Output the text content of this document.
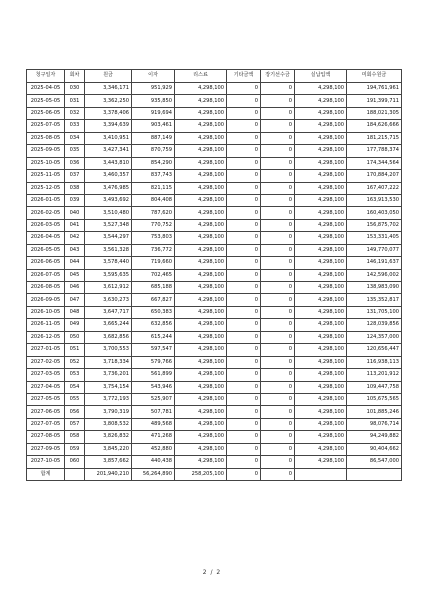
청구일자	회차	원금	이자	리스료	기타금액	장기선수금	실납입액	미회수원금
2025-04-05	030	3,346,171	951,929	4,298,100	0	0	4,298,100	194,761,961
2025-05-05	031	3,362,250	935,850	4,298,100	0	0	4,298,100	191,399,711
2025-06-05	032	3,378,406	919,694	4,298,100	0	0	4,298,100	188,021,305
2025-07-05	033	3,394,639	903,461	4,298,100	0	0	4,298,100	184,626,666
2025-08-05	034	3,410,951	887,149	4,298,100	0	0	4,298,100	181,215,715
2025-09-05	035	3,427,341	870,759	4,298,100	0	0	4,298,100	177,788,374
2025-10-05	036	3,443,810	854,290	4,298,100	0	0	4,298,100	174,344,564
2025-11-05	037	3,460,357	837,743	4,298,100	0	0	4,298,100	170,884,207
2025-12-05	038	3,476,985	821,115	4,298,100	0	0	4,298,100	167,407,222
2026-01-05	039	3,493,692	804,408	4,298,100	0	0	4,298,100	163,913,530
2026-02-05	040	3,510,480	787,620	4,298,100	0	0	4,298,100	160,403,050
2026-03-05	041	3,527,348	770,752	4,298,100	0	0	4,298,100	156,875,702
2026-04-05	042	3,544,297	753,803	4,298,100	0	0	4,298,100	153,331,405
2026-05-05	043	3,561,328	736,772	4,298,100	0	0	4,298,100	149,770,077
2026-06-05	044	3,578,440	719,660	4,298,100	0	0	4,298,100	146,191,637
2026-07-05	045	3,595,635	702,465	4,298,100	0	0	4,298,100	142,596,002
2026-08-05	046	3,612,912	685,188	4,298,100	0	0	4,298,100	138,983,090
2026-09-05	047	3,630,273	667,827	4,298,100	0	0	4,298,100	135,352,817
2026-10-05	048	3,647,717	650,383	4,298,100	0	0	4,298,100	131,705,100
2026-11-05	049	3,665,244	632,856	4,298,100	0	0	4,298,100	128,039,856
2026-12-05	050	3,682,856	615,244	4,298,100	0	0	4,298,100	124,357,000
2027-01-05	051	3,700,553	597,547	4,298,100	0	0	4,298,100	120,656,447
2027-02-05	052	3,718,334	579,766	4,298,100	0	0	4,298,100	116,938,113
2027-03-05	053	3,736,201	561,899	4,298,100	0	0	4,298,100	113,201,912
2027-04-05	054	3,754,154	543,946	4,298,100	0	0	4,298,100	109,447,758
2027-05-05	055	3,772,193	525,907	4,298,100	0	0	4,298,100	105,675,565
2027-06-05	056	3,790,319	507,781	4,298,100	0	0	4,298,100	101,885,246
2027-07-05	057	3,808,532	489,568	4,298,100	0	0	4,298,100	98,076,714
2027-08-05	058	3,826,832	471,268	4,298,100	0	0	4,298,100	94,249,882
2027-09-05	059	3,845,220	452,880	4,298,100	0	0	4,298,100	90,404,662
2027-10-05	060	3,857,662	440,438	4,298,100	0	0	4,298,100	86,547,000
합계		201,940,210	56,264,890	258,205,100	0	0		
2 / 2
